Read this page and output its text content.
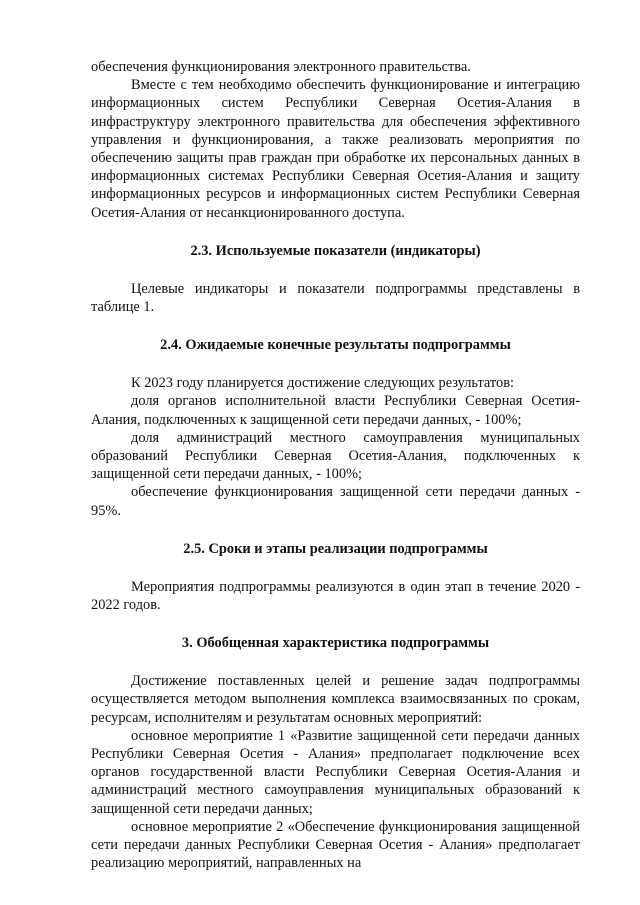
обеспечения функционирования электронного правительства.

Вместе с тем необходимо обеспечить функционирование и интеграцию информационных систем Республики Северная Осетия-Алания в инфраструктуру электронного правительства для обеспечения эффективного управления и функционирования, а также реализовать мероприятия по обеспечению защиты прав граждан при обработке их персональных данных в информационных системах Республики Северная Осетия-Алания и защиту информационных ресурсов и информационных систем Республики Северная Осетия-Алания от несанкционированного доступа.

2.3. Используемые показатели (индикаторы)

Целевые индикаторы и показатели подпрограммы представлены в таблице 1.

2.4. Ожидаемые конечные результаты подпрограммы

К 2023 году планируется достижение следующих результатов:

доля органов исполнительной власти Республики Северная Осетия-Алания, подключенных к защищенной сети передачи данных, - 100%;

доля администраций местного самоуправления муниципальных образований Республики Северная Осетия-Алания, подключенных к защищенной сети передачи данных, - 100%;

обеспечение функционирования защищенной сети передачи данных - 95%.

2.5. Сроки и этапы реализации подпрограммы

Мероприятия подпрограммы реализуются в один этап в течение 2020 - 2022 годов.

3. Обобщенная характеристика подпрограммы

Достижение поставленных целей и решение задач подпрограммы осуществляется методом выполнения комплекса взаимосвязанных по срокам, ресурсам, исполнителям и результатам основных мероприятий:

основное мероприятие 1 «Развитие защищенной сети передачи данных Республики Северная Осетия - Алания» предполагает подключение всех органов государственной власти Республики Северная Осетия-Алания и администраций местного самоуправления муниципальных образований к защищенной сети передачи данных;

основное мероприятие 2 «Обеспечение функционирования защищенной сети передачи данных Республики Северная Осетия - Алания» предполагает реализацию мероприятий, направленных на
